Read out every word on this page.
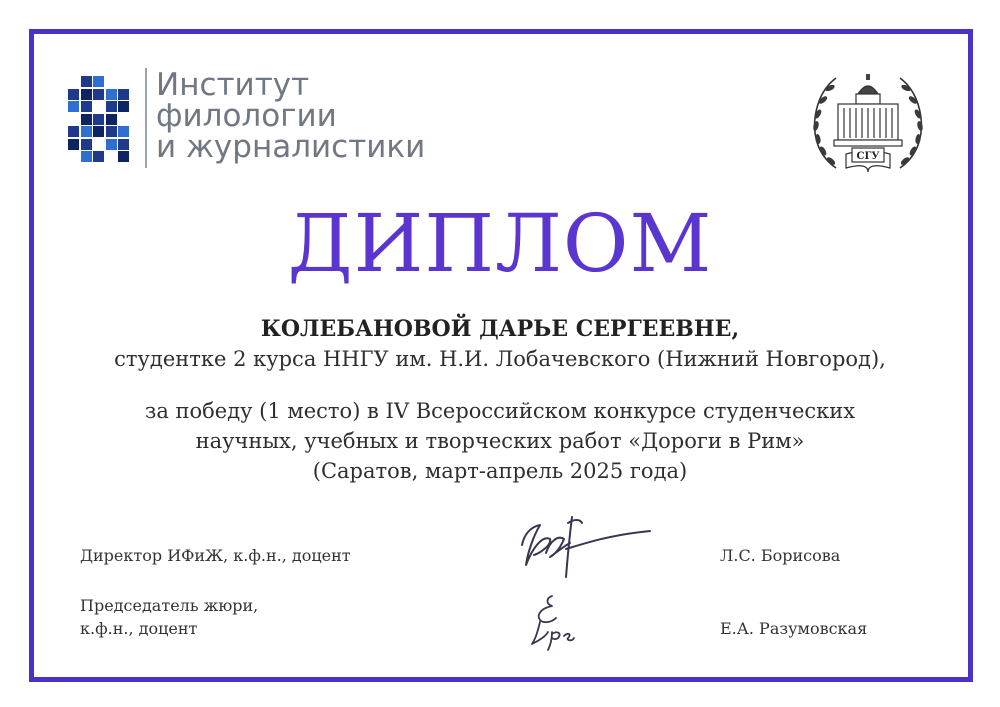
Институт
филологии
и журналистики	СГУ
ДИПЛОМ
КОЛЕБАНОВОЙ ДАРЬЕ СЕРГЕЕВНЕ,
студентке 2 курса ННГУ им. Н.И. Лобачевского (Нижний Новгород),
за победу (1 место) в IV Всероссийском конкурсе студенческих
научных, учебных и творческих работ «Дороги в Рим»
(Саратов, март-апрель 2025 года)
Директор ИФиЖ, к.ф.н., доцент	Л.С. Борисова
Председатель жюри,
к.ф.н., доцент	Е.А. Разумовская
